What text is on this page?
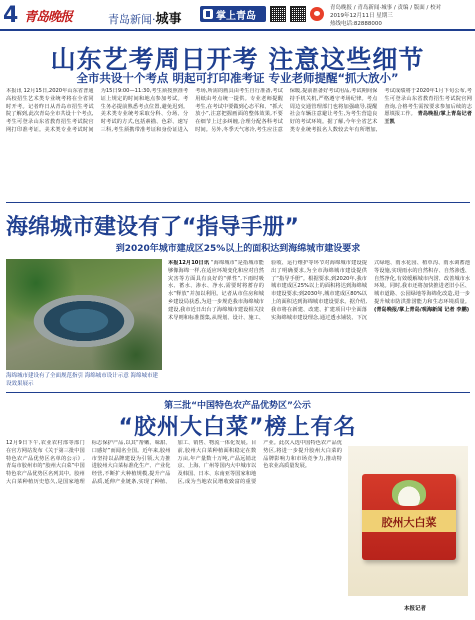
4 青岛晚报	青岛新闻·城事	掌上青岛
青岛晚报 / 青岛新闻·城事 / 责编 / 版面 / 校对
2019年12月11日 星期三
热线电话:82888000
山东艺考周日开考 注意这些细节
全市共设十个考点 明起可打印准考证 专业老师提醒“抓大放小”
本报讯 12月15日,2020年山东省普通高校招生艺术类专业统考将在全省同时开考。记者昨日从青岛市招生考试院了解到,此次青岛全市共设十个考点,考生可登录山东省教育招生考试院官网打印准考证。美术类专业考试时间为15日9:00—11:30,考生须按照准考证上规定的时间和地点参加考试。考生务必提前熟悉考点位置,避免迟到。美术类专业统考采取分科、分场、分时考试的方式,包括素描、色彩、速写三科,考生须携带准考证和身份证进入考场,所需的画具由考生自行准备,考试用纸由考点统一提供。专业老师提醒考生,在考试中要做到心态平和、“抓大放小”,注意把握画面的整体效果,不要在细节上过多纠缠,合理分配各科考试时间。另外,冬季天气寒冷,考生应注意保暖,提前准备好考试用品,考试期间保持手机关机,严格遵守考场纪律。考点周边交通管理部门也将加强疏导,提醒社会车辆注意避让考生,为考生营造良好的考试环境。据了解,今年全省艺术类专业统考报名人数较去年有所增加,考试成绩将于2020年1月下旬公布,考生可登录山东省教育招生考试院官网查询,合格考生需按要求参加后续的志愿填报工作。 青岛晚报/掌上青岛记者 王凯
海绵城市建设有了“指导手册”
到2020年城市建成区25%以上的面积达到海绵城市建设要求
海绵城市建设有了全面规范指引 海绵城市设计示意 海绵城市建设效果展示
本报12月10日讯 “海绵城市”是指城市能够像海绵一样,在适应环境变化和应对自然灾害等方面具有良好的“弹性”,下雨时吸水、蓄水、渗水、净水,需要时将蓄存的水“释放”并加以利用。记者从市住房和城乡建设局获悉,为进一步规范我市海绵城市建设,我市近日出台了海绵城市建设相关技术导则和标准图集,从规划、设计、施工、验收、运行维护等环节对海绵城市建设提出了明确要求,为全市海绵城市建设提供了“指导手册”。根据要求,到2020年,我市城市建成区25%以上的面积将达到海绵城市建设要求;到2030年,城市建成区80%以上的面积达到海绵城市建设要求。据介绍,我市将在新建、改建、扩建项目中全面落实海绵城市建设理念,通过透水铺装、下沉式绿地、雨水花园、植草沟、雨水调蓄池等设施,实现雨水的自然积存、自然渗透、自然净化,有效缓解城市内涝、改善城市水环境。同时,我市还将加快推进老旧小区、城市道路、公园绿地等海绵化改造,进一步提升城市防洪排涝能力和生态环境质量。 (青岛晚报/掌上青岛/观海新闻 记者 李鹏)
第三批“中国特色农产品优势区”公示
“胶州大白菜”榜上有名
12月9日下午,农业农村部等部门在官方网站发布《关于第三批中国特色农产品优势区名单的公示》,青岛市胶州市的“胶州大白菜”中国特色农产品优势区名列其中。胶州大白菜种植历史悠久,是国家地理标志保护产品,以其“帮嫩、味甜、口感好”而闻名全国。近年来,胶州市坚持以品牌建设为引领,大力推进胶州大白菜标准化生产、产业化经营,不断扩大种植规模,提升产品品质,延伸产业链条,实现了种植、加工、销售、物流一体化发展。目前,胶州大白菜种植面积稳定在数万亩,年产量数十万吨,产品远销北京、上海、广州等国内大中城市以及韩国、日本、东南亚等国家和地区,成为当地农民增收致富的重要产业。此次入选中国特色农产品优势区,将进一步提升胶州大白菜的品牌影响力和市场竞争力,推动特色农业高质量发展。
胶州大白菜
本报记者
